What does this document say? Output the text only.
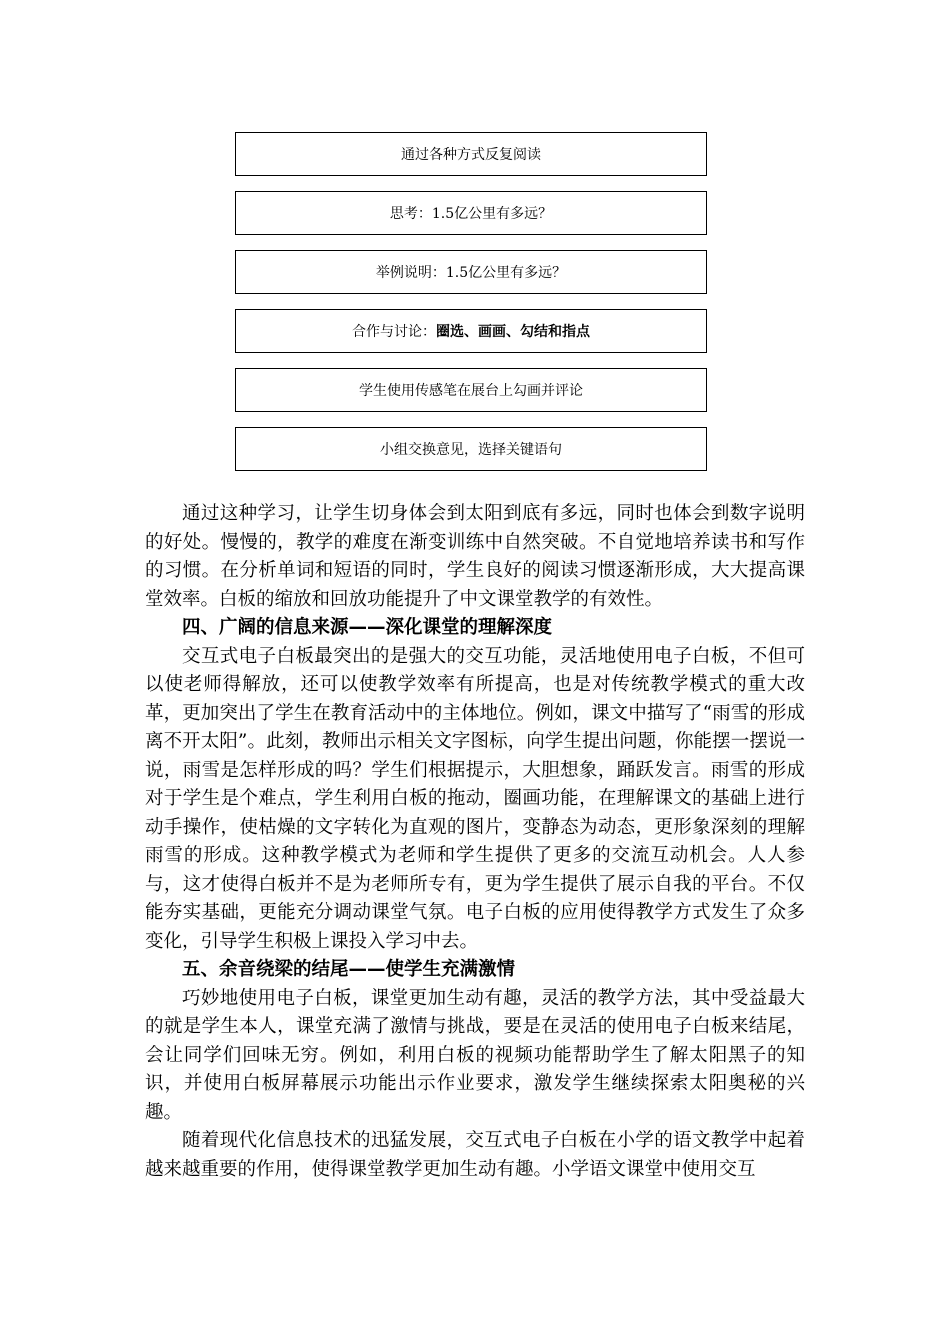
通过各种方式反复阅读
思考：1.5亿公里有多远？
举例说明：1.5亿公里有多远？
合作与讨论： 圈选、画画、勾结和指点
学生使用传感笔在展台上勾画并评论
小组交换意见，选择关键语句

通过这种学习，让学生切身体会到太阳到底有多远，同时也体会到数字说明的好处。慢慢的，教学的难度在渐变训练中自然突破。不自觉地培养读书和写作的习惯。在分析单词和短语的同时，学生良好的阅读习惯逐渐形成，大大提高课堂效率。白板的缩放和回放功能提升了中文课堂教学的有效性。

四、广阔的信息来源——深化课堂的理解深度

交互式电子白板最突出的是强大的交互功能，灵活地使用电子白板，不但可以使老师得解放，还可以使教学效率有所提高，也是对传统教学模式的重大改革，更加突出了学生在教育活动中的主体地位。例如，课文中描写了“雨雪的形成离不开太阳”。此刻，教师出示相关文字图标，向学生提出问题，你能摆一摆说一说，雨雪是怎样形成的吗？学生们根据提示，大胆想象，踊跃发言。雨雪的形成对于学生是个难点，学生利用白板的拖动，圈画功能，在理解课文的基础上进行动手操作，使枯燥的文字转化为直观的图片，变静态为动态，更形象深刻的理解雨雪的形成。这种教学模式为老师和学生提供了更多的交流互动机会。人人参与，这才使得白板并不是为老师所专有，更为学生提供了展示自我的平台。不仅能夯实基础，更能充分调动课堂气氛。电子白板的应用使得教学方式发生了众多变化，引导学生积极上课投入学习中去。

五、余音绕梁的结尾——使学生充满激情

巧妙地使用电子白板，课堂更加生动有趣，灵活的教学方法，其中受益最大的就是学生本人，课堂充满了激情与挑战，要是在灵活的使用电子白板来结尾，会让同学们回味无穷。例如，利用白板的视频功能帮助学生了解太阳黑子的知识，并使用白板屏幕展示功能出示作业要求，激发学生继续探索太阳奥秘的兴趣。

随着现代化信息技术的迅猛发展，交互式电子白板在小学的语文教学中起着越来越重要的作用，使得课堂教学更加生动有趣。小学语文课堂中使用交互
